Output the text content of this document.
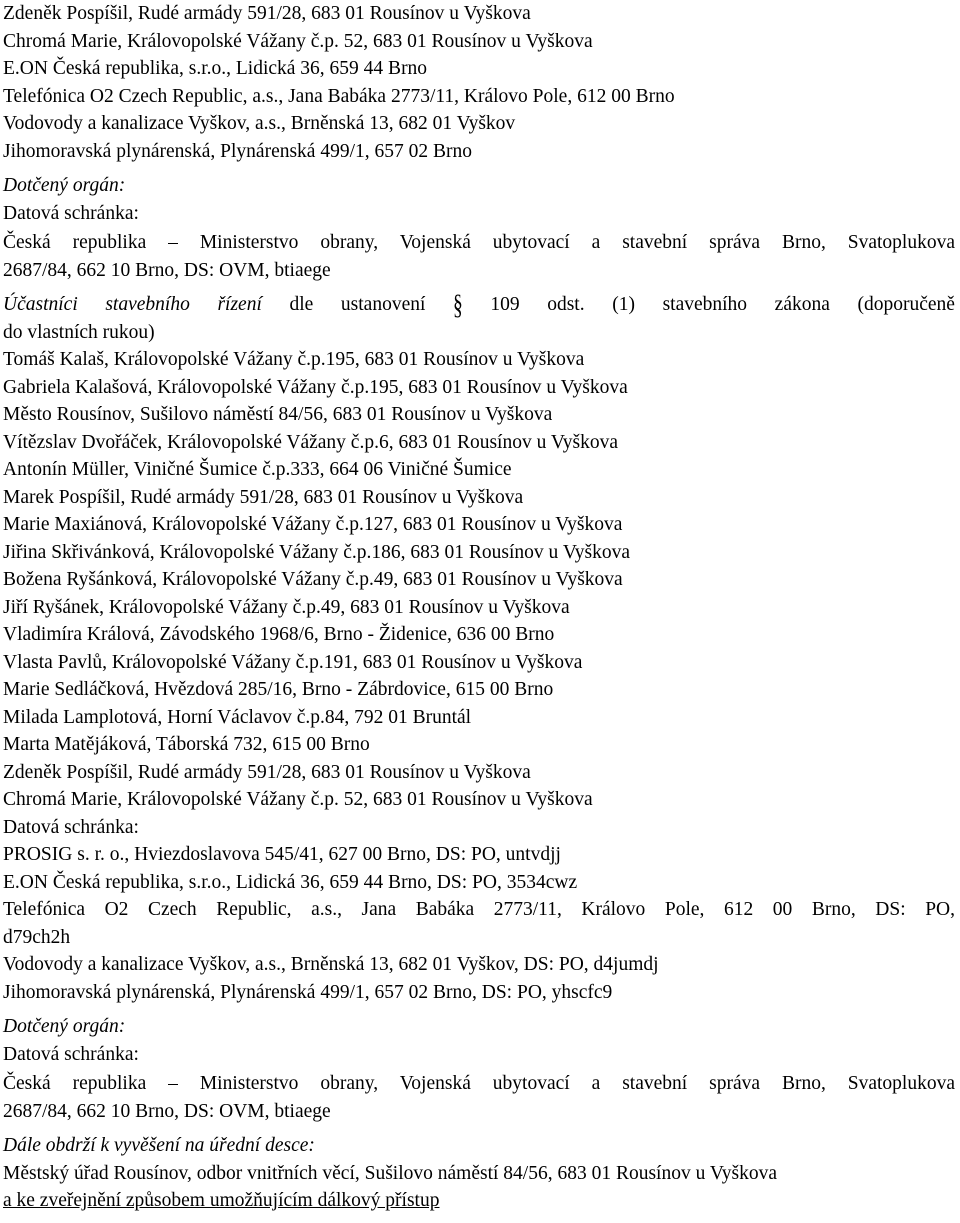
Zdeněk Pospíšil, Rudé armády 591/28, 683 01 Rousínov u Vyškova
Chromá Marie, Královopolské Vážany č.p. 52, 683 01 Rousínov u Vyškova
E.ON Česká republika, s.r.o., Lidická 36, 659 44 Brno
Telefónica O2 Czech Republic, a.s., Jana Babáka 2773/11, Královo Pole, 612 00 Brno
Vodovody a kanalizace Vyškov, a.s., Brněnská 13, 682 01 Vyškov
Jihomoravská plynárenská, Plynárenská 499/1, 657 02 Brno
Dotčený orgán:
Datová schránka:
Česká republika – Ministerstvo obrany, Vojenská ubytovací a stavební správa Brno, Svatoplukova
2687/84, 662 10 Brno, DS: OVM, btiaege
Účastníci stavebního řízení dle ustanovení § 109 odst. (1) stavebního zákona (doporučeně
do vlastních rukou)
Tomáš Kalaš, Královopolské Vážany č.p.195, 683 01 Rousínov u Vyškova
Gabriela Kalašová, Královopolské Vážany č.p.195, 683 01 Rousínov u Vyškova
Město Rousínov, Sušilovo náměstí 84/56, 683 01 Rousínov u Vyškova
Vítězslav Dvořáček, Královopolské Vážany č.p.6, 683 01 Rousínov u Vyškova
Antonín Müller, Viničné Šumice č.p.333, 664 06 Viničné Šumice
Marek Pospíšil, Rudé armády 591/28, 683 01 Rousínov u Vyškova
Marie Maxiánová, Královopolské Vážany č.p.127, 683 01 Rousínov u Vyškova
Jiřina Skřivánková, Královopolské Vážany č.p.186, 683 01 Rousínov u Vyškova
Božena Ryšánková, Královopolské Vážany č.p.49, 683 01 Rousínov u Vyškova
Jiří Ryšánek, Královopolské Vážany č.p.49, 683 01 Rousínov u Vyškova
Vladimíra Králová, Závodského 1968/6, Brno - Židenice, 636 00 Brno
Vlasta Pavlů, Královopolské Vážany č.p.191, 683 01 Rousínov u Vyškova
Marie Sedláčková, Hvězdová 285/16, Brno - Zábrdovice, 615 00 Brno
Milada Lamplotová, Horní Václavov č.p.84, 792 01 Bruntál
Marta Matějáková, Táborská 732, 615 00 Brno
Zdeněk Pospíšil, Rudé armády 591/28, 683 01 Rousínov u Vyškova
Chromá Marie, Královopolské Vážany č.p. 52, 683 01 Rousínov u Vyškova
Datová schránka:
PROSIG s. r. o., Hviezdoslavova 545/41, 627 00 Brno, DS: PO, untvdjj
E.ON Česká republika, s.r.o., Lidická 36, 659 44 Brno, DS: PO, 3534cwz
Telefónica O2 Czech Republic, a.s., Jana Babáka 2773/11, Královo Pole, 612 00 Brno, DS: PO,
d79ch2h
Vodovody a kanalizace Vyškov, a.s., Brněnská 13, 682 01 Vyškov, DS: PO, d4jumdj
Jihomoravská plynárenská, Plynárenská 499/1, 657 02 Brno, DS: PO, yhscfc9
Dotčený orgán:
Datová schránka:
Česká republika – Ministerstvo obrany, Vojenská ubytovací a stavební správa Brno, Svatoplukova
2687/84, 662 10 Brno, DS: OVM, btiaege
Dále obdrží k vyvěšení na úřední desce:
Městský úřad Rousínov, odbor vnitřních věcí, Sušilovo náměstí 84/56, 683 01 Rousínov u Vyškova
a ke zveřejnění způsobem umožňujícím dálkový přístup
